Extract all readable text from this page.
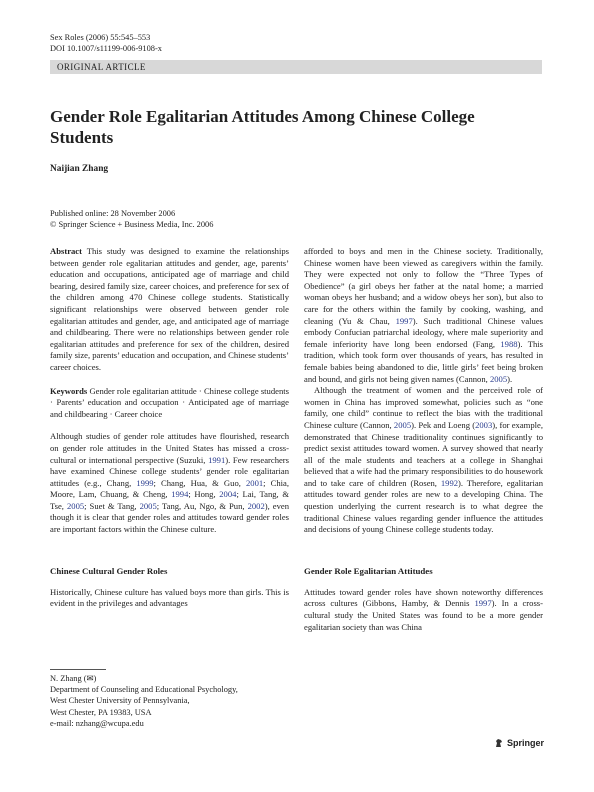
Sex Roles (2006) 55:545–553
DOI 10.1007/s11199-006-9108-x
ORIGINAL ARTICLE
Gender Role Egalitarian Attitudes Among Chinese College Students
Naijian Zhang
Published online: 28 November 2006
© Springer Science + Business Media, Inc. 2006

Abstract This study was designed to examine the relationships between gender role egalitarian attitudes and gender, age, parents’ education and occupations, anticipated age of marriage and child bearing, desired family size, career choices, and preference for sex of the children among 470 Chinese college students. Statistically significant relationships were observed between gender role egalitarian attitudes and gender, age, and anticipated age of marriage and childbearing. There were no relationships between gender role egalitarian attitudes and preference for sex of the children, desired family size, parents’ education and occupation, and Chinese students’ career choices.

Keywords Gender role egalitarian attitude · Chinese college students · Parents’ education and occupation · Anticipated age of marriage and childbearing · Career choice

Although studies of gender role attitudes have flourished, research on gender role attitudes in the United States has missed a cross-cultural or international perspective (Suzuki, 1991). Few researchers have examined Chinese college students’ gender role egalitarian attitudes (e.g., Chang, 1999; Chang, Hua, & Guo, 2001; Chia, Moore, Lam, Chuang, & Cheng, 1994; Hong, 2004; Lai, Tang, & Tse, 2005; Suet & Tang, 2005; Tang, Au, Ngo, & Pun, 2002), even though it is clear that gender roles and attitudes toward gender roles are important factors within the Chinese culture.

Chinese Cultural Gender Roles

Historically, Chinese culture has valued boys more than girls. This is evident in the privileges and advantages

N. Zhang (✉)
Department of Counseling and Educational Psychology,
West Chester University of Pennsylvania,
West Chester, PA 19383, USA
e-mail: nzhang@wcupa.edu

afforded to boys and men in the Chinese society. Traditionally, Chinese women have been viewed as caregivers within the family. They were expected not only to follow the “Three Types of Obedience” (a girl obeys her father at the natal home; a married woman obeys her husband; and a widow obeys her son), but also to care for the others within the family by cooking, washing, and cleaning (Yu & Chau, 1997). Such traditional Chinese values embody Confucian patriarchal ideology, where male superiority and female inferiority have long been endorsed (Fang, 1988). This tradition, which took form over thousands of years, has resulted in female babies being abandoned to die, little girls’ feet being broken and bound, and girls not being given names (Cannon, 2005).

Although the treatment of women and the perceived role of women in China has improved somewhat, policies such as “one family, one child” continue to reflect the bias with the traditional Chinese culture (Cannon, 2005). Pek and Loeng (2003), for example, demonstrated that Chinese traditionality continues significantly to predict sexist attitudes toward women. A survey showed that nearly all of the male students and teachers at a college in Shanghai believed that a wife had the primary responsibilities to do housework and to take care of children (Rosen, 1992). Therefore, egalitarian attitudes toward gender roles are new to a developing China. The question underlying the current research is to what degree the traditional Chinese values regarding gender influence the attitudes and decisions of young Chinese college students today.

Gender Role Egalitarian Attitudes

Attitudes toward gender roles have shown noteworthy differences across cultures (Gibbons, Hamby, & Dennis 1997). In a cross-cultural study the United States was found to be a more gender egalitarian society than was China

Springer
